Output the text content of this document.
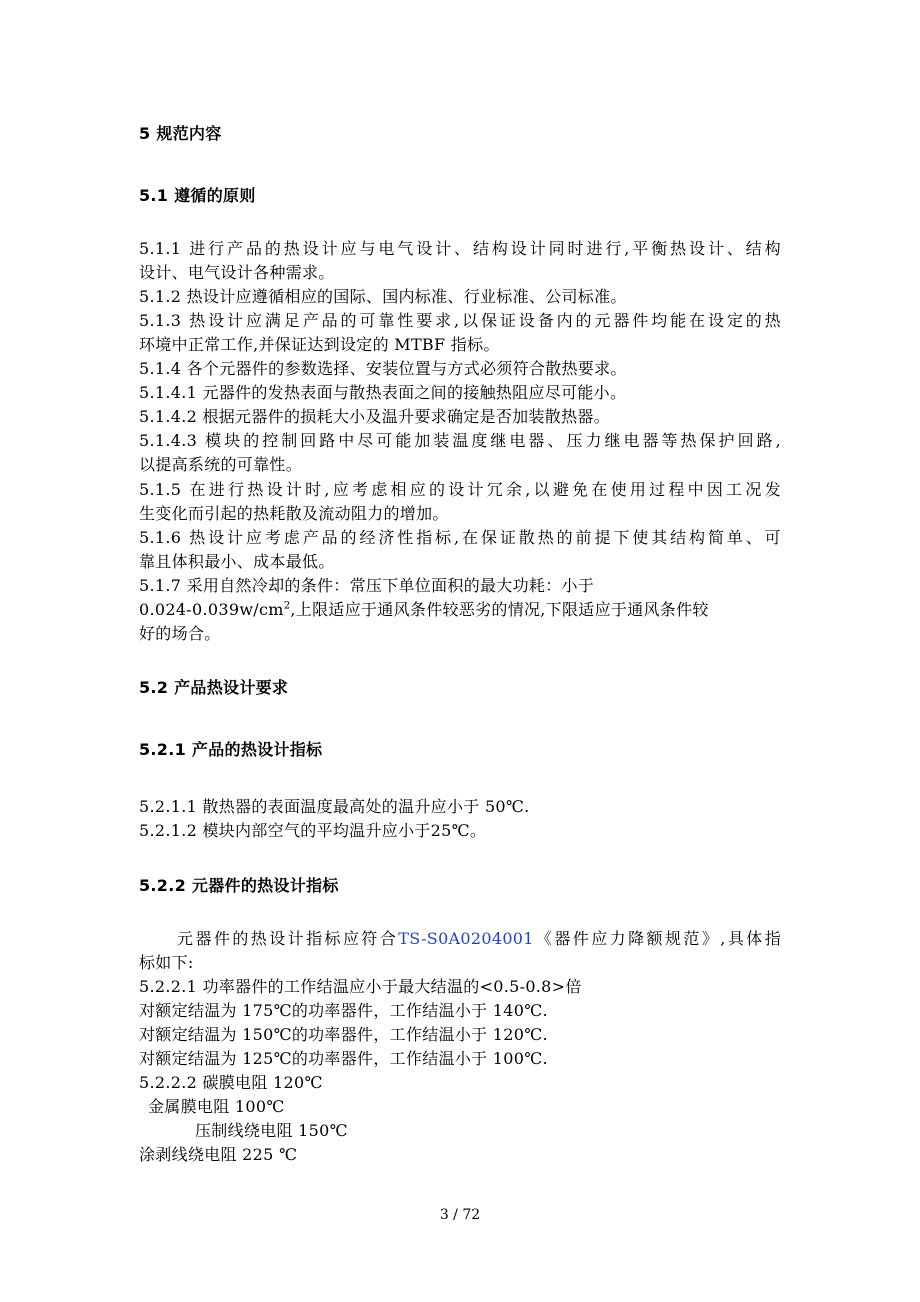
5 规范内容
5.1 遵循的原则
5.1.1 进行产品的热设计应与电气设计、结构设计同时进行,平衡热设计、结构
设计、电气设计各种需求。
5.1.2 热设计应遵循相应的国际、国内标准、行业标准、公司标准。
5.1.3 热设计应满足产品的可靠性要求,以保证设备内的元器件均能在设定的热
环境中正常工作,并保证达到设定的 MTBF 指标。
5.1.4 各个元器件的参数选择、安装位置与方式必须符合散热要求。
5.1.4.1 元器件的发热表面与散热表面之间的接触热阻应尽可能小。
5.1.4.2 根据元器件的损耗大小及温升要求确定是否加装散热器。
5.1.4.3 模块的控制回路中尽可能加装温度继电器、压力继电器等热保护回路,
以提高系统的可靠性。
5.1.5 在进行热设计时,应考虑相应的设计冗余,以避免在使用过程中因工况发
生变化而引起的热耗散及流动阻力的增加。
5.1.6 热设计应考虑产品的经济性指标,在保证散热的前提下使其结构简单、可
靠且体积最小、成本最低。
5.1.7 采用自然冷却的条件：常压下单位面积的最大功耗：小于
$0.024-0.039w/cm^2$,上限适应于通风条件较恶劣的情况,下限适应于通风条件较
好的场合。
5.2 产品热设计要求
5.2.1 产品的热设计指标
5.2.1.1 散热器的表面温度最高处的温升应小于 50℃.
5.2.1.2 模块内部空气的平均温升应小于25℃。
5.2.2 元器件的热设计指标
元器件的热设计指标应符合TS-S0A0204001《器件应力降额规范》,具体指
标如下:
5.2.2.1 功率器件的工作结温应小于最大结温的<0.5-0.8>倍
对额定结温为 175℃的功率器件，工作结温小于 140℃.
对额定结温为 150℃的功率器件，工作结温小于 120℃.
对额定结温为 125℃的功率器件，工作结温小于 100℃.
5.2.2.2 碳膜电阻 120℃
金属膜电阻 100℃
压制线绕电阻 150℃
涂剥线绕电阻 225 ℃
3 / 72
